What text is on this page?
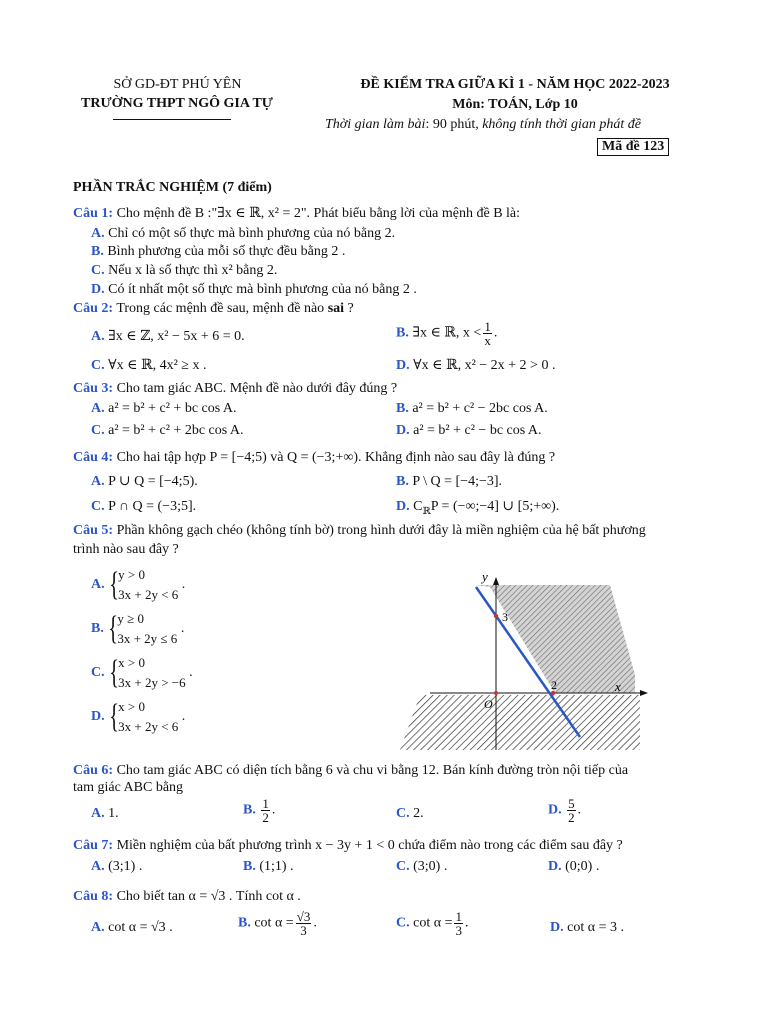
SỞ GD-ĐT PHÚ YÊN
TRƯỜNG THPT NGÔ GIA TỰ
ĐỀ KIỂM TRA GIỮA KÌ 1 - NĂM HỌC 2022-2023
Môn: TOÁN, Lớp 10
Thời gian làm bài: 90 phút, không tính thời gian phát đề
Mã đề 123
PHẦN TRẮC NGHIỆM (7 điểm)
Câu 1: Cho mệnh đề B :"∃x ∈ ℝ, x² = 2". Phát biểu bằng lời của mệnh đề B là:
A. Chỉ có một số thực mà bình phương của nó bằng 2.
B. Bình phương của mỗi số thực đều bằng 2 .
C. Nếu x là số thực thì x² bằng 2.
D. Có ít nhất một số thực mà bình phương của nó bằng 2 .
Câu 2: Trong các mệnh đề sau, mệnh đề nào sai ?
A. ∃x ∈ ℤ, x² − 5x + 6 = 0.	B. ∃x ∈ ℝ, $x < \frac{1}{x}$ .
C. ∀x ∈ ℝ, 4x² ≥ x .	D. ∀x ∈ ℝ, x² − 2x + 2 > 0 .
Câu 3: Cho tam giác ABC. Mệnh đề nào dưới đây đúng ?
A. a² = b² + c² + bc cos A.	B. a² = b² + c² − 2bc cos A.
C. a² = b² + c² + 2bc cos A.	D. a² = b² + c² − bc cos A.
Câu 4: Cho hai tập hợp P = [−4;5) và Q = (−3;+∞). Khẳng định nào sau đây là đúng ?
A. P ∪ Q = [−4;5).	B. P \ Q = [−4;−3].
C. P ∩ Q = (−3;5].	D. $C_ℝP$ = (−∞;−4] ∪ [5;+∞).
Câu 5: Phần không gạch chéo (không tính bờ) trong hình dưới đây là miền nghiệm của hệ bất phương
trình nào sau đây ?
A.
{ y > 0
3x + 2y < 6
.
B.
{ y ≥ 0
3x + 2y ≤ 6
.
C.
{ x > 0
3x + 2y > −6
.
D.
{ x > 0
3x + 2y < 6
.
y
x
O
3
2
Câu 6: Cho tam giác ABC có diện tích bằng 6 và chu vi bằng 12. Bán kính đường tròn nội tiếp của
tam giác ABC bằng
A. 1.	B. $\frac{1}{2}$ .	C. 2.	D. $\frac{5}{2}$ .
Câu 7: Miền nghiệm của bất phương trình x − 3y + 1 < 0 chứa điểm nào trong các điểm sau đây ?
A. (3;1) .	B. (1;1) .	C. (3;0) .	D. (0;0) .
Câu 8: Cho biết tan α = √3 . Tính cot α .
A. cot α = √3 .	B. $\cot \alpha = \frac{√3}{3}$ .	C. $\cot \alpha = \frac{1}{3}$ .	D. cot α = 3 .
